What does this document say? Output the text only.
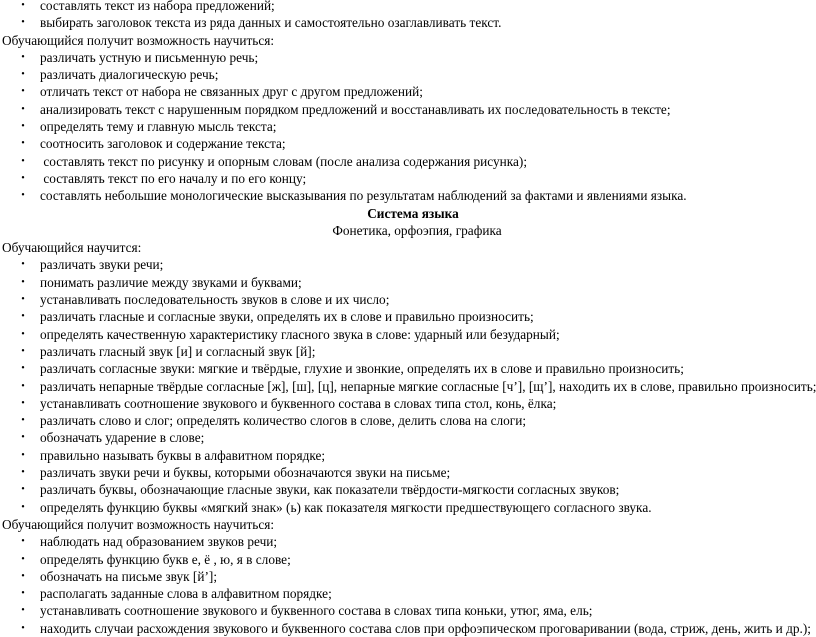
• составлять текст из набора предложений;
• выбирать заголовок текста из ряда данных и самостоятельно озаглавливать текст.
Обучающийся получит возможность научиться:
• различать устную и письменную речь;
• различать диалогическую речь;
• отличать текст от набора не связанных друг с другом предложений;
• анализировать текст с нарушенным порядком предложений и восстанавливать их последовательность в тексте;
• определять тему и главную мысль текста;
• соотносить заголовок и содержание текста;
• составлять текст по рисунку и опорным словам (после анализа содержания рисунка);
• составлять текст по его началу и по его концу;
• составлять небольшие монологические высказывания по результатам наблюдений за фактами и явлениями языка.
Система языка
Фонетика, орфоэпия, графика
Обучающийся научится:
• различать звуки речи;
• понимать различие между звуками и буквами;
• устанавливать последовательность звуков в слове и их число;
• различать гласные и согласные звуки, определять их в слове и правильно произносить;
• определять качественную характеристику гласного звука в слове: ударный или безударный;
• различать гласный звук [и] и согласный звук [й];
• различать согласные звуки: мягкие и твёрдые, глухие и звонкие, определять их в слове и правильно произносить;
• различать непарные твёрдые согласные [ж], [ш], [ц], непарные мягкие согласные [ч’], [щ’], находить их в слове, правильно произносить;
• устанавливать соотношение звукового и буквенного состава в словах типа стол, конь, ёлка;
• различать слово и слог; определять количество слогов в слове, делить слова на слоги;
• обозначать ударение в слове;
• правильно называть буквы в алфавитном порядке;
• различать звуки речи и буквы, которыми обозначаются звуки на письме;
• различать буквы, обозначающие гласные звуки, как показатели твёрдости-мягкости согласных звуков;
• определять функцию буквы «мягкий знак» (ь) как показателя мягкости предшествующего согласного звука.
Обучающийся получит возможность научиться:
• наблюдать над образованием звуков речи;
• определять функцию букв е, ё , ю, я в слове;
• обозначать на письме звук [й’];
• располагать заданные слова в алфавитном порядке;
• устанавливать соотношение звукового и буквенного состава в словах типа коньки, утюг, яма, ель;
• находить случаи расхождения звукового и буквенного состава слов при орфоэпическом проговаривании (вода, стриж, день, жить и др.);
